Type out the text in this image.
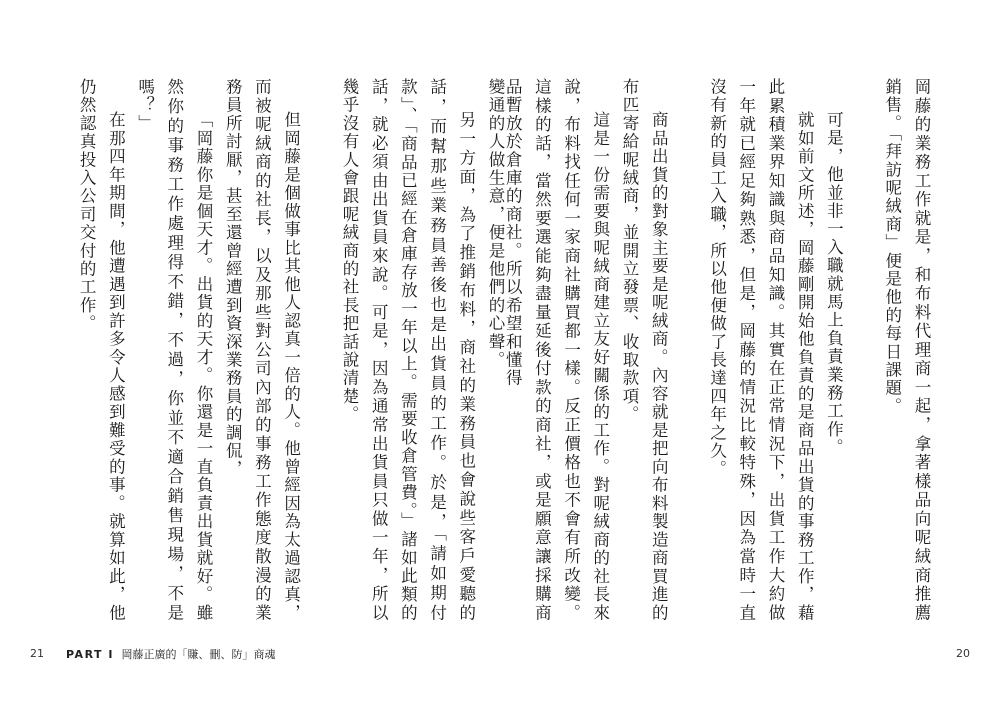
岡藤的業務工作就是，和布料代理商一起，拿著樣品向呢絨商推薦銷售。「拜訪呢絨商」便是他的每日課題。

可是，他並非一入職就馬上負責業務工作。

就如前文所述，岡藤剛開始他負責的是商品出貨的事務工作，藉此累積業界知識與商品知識。其實在正常情況下，出貨工作大約做一年就已經足夠熟悉，但是，岡藤的情況比較特殊，因為當時一直沒有新的員工入職，所以他便做了長達四年之久。

商品出貨的對象主要是呢絨商。內容就是把向布料製造商買進的布匹寄給呢絨商，並開立發票、收取款項。

這是一份需要與呢絨商建立友好關係的工作。對呢絨商的社長來說，布料找任何一家商社購買都一樣。反正價格也不會有所改變。這樣的話，當然要選能夠盡量延後付款的商社，或是願意讓採購商品暫放於倉庫的商社。所以希望和懂得

變通的人做生意，便是他們的心聲。

另一方面，為了推銷布料，商社的業務員也會說些客戶愛聽的話，而幫那些業務員善後也是出貨員的工作。於是，「請如期付款」、「商品已經在倉庫存放一年以上。需要收倉管費。」諸如此類的話，就必須由出貨員來說。可是，因為通常出貨員只做一年，所以幾乎沒有人會跟呢絨商的社長把話說清楚。

但岡藤是個做事比其他人認真一倍的人。他曾經因為太過認真，而被呢絨商的社長，以及那些對公司內部的事務工作態度散漫的業務員所討厭，甚至還曾經遭到資深業務員的調侃，

「岡藤你是個天才。出貨的天才。你還是一直負責出貨就好。雖然你的事務工作處理得不錯，不過，你並不適合銷售現場，不是嗎？」

在那四年期間，他遭遇到許多令人感到難受的事。就算如此，他仍然認真投入公司交付的工作。

21 PART I 岡藤正廣的「賺、刪、防」商魂	20
